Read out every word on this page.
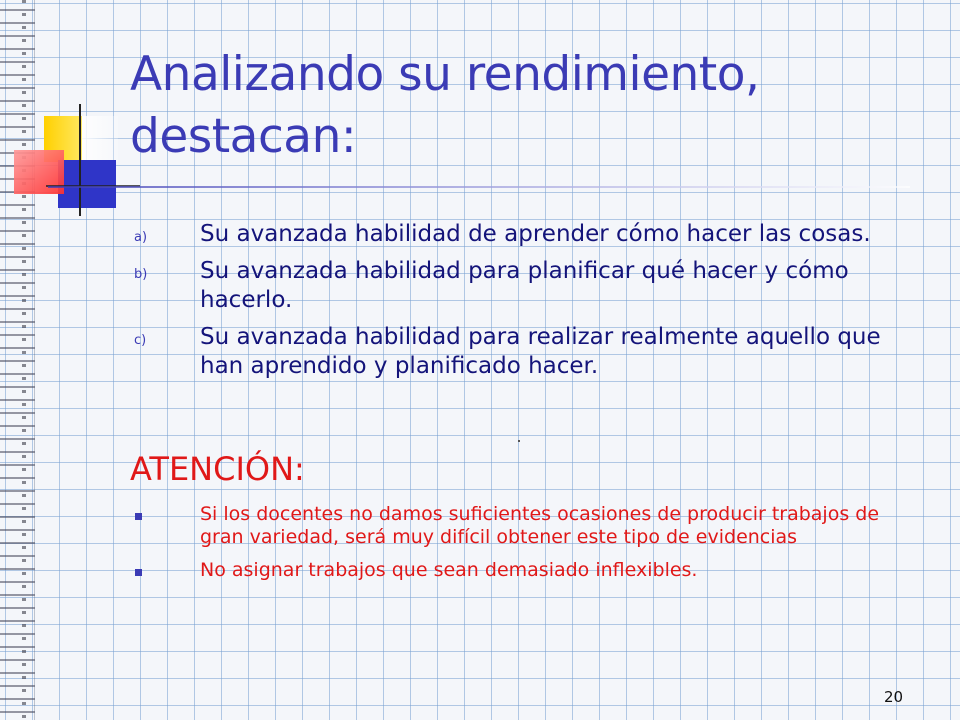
Analizando su rendimiento, destacan:
a) Su avanzada habilidad de aprender cómo hacer las cosas.
b) Su avanzada habilidad para planificar qué hacer y cómo hacerlo.
c) Su avanzada habilidad para realizar realmente aquello que han aprendido y planificado hacer.
ATENCIÓN:
Si los docentes no damos suficientes ocasiones de producir trabajos de gran variedad, será muy difícil obtener este tipo de evidencias
No asignar trabajos que sean demasiado inflexibles.
20
